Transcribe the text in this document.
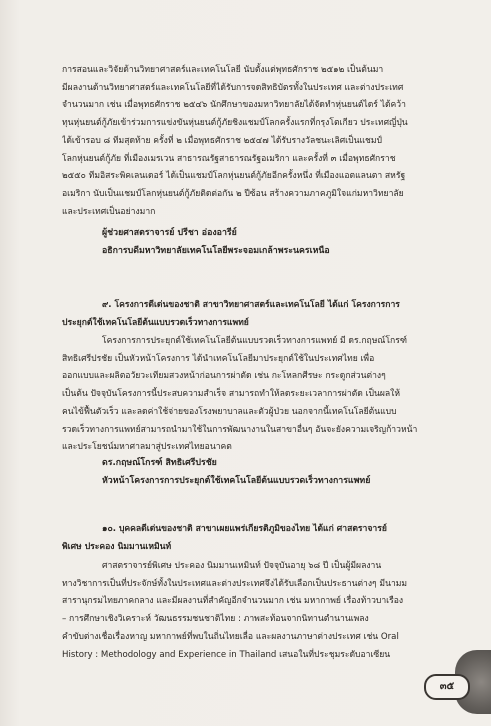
การสอนและวิจัยด้านวิทยาศาสตร์และเทคโนโลยี นับตั้งแต่พุทธศักราช ๒๕๑๒ เป็นต้นมา
มีผลงานด้านวิทยาศาสตร์และเทคโนโลยีที่ได้รับการจดสิทธิบัตรทั้งในประเทศ และต่างประเทศ
จำนวนมาก เช่น เมื่อพุทธศักราช ๒๕๔๖ นักศึกษาของมหาวิทยาลัยได้จัดทำหุ่นยนต์ไดร์ ได้คว้า
ทุนหุ่นยนต์กู้ภัยเข้าร่วมการแข่งขันหุ่นยนต์กู้ภัยชิงแชมป์โลกครั้งแรกที่กรุงโตเกียว ประเทศญี่ปุ่น
ได้เข้ารอบ ๘ ทีมสุดท้าย ครั้งที่ ๒ เมื่อพุทธศักราช ๒๕๔๗ ได้รับรางวัลชนะเลิศเป็นแชมป์
โลกหุ่นยนต์กู้ภัย ที่เมืองเมรเวน สาธารณรัฐสาธารณรัฐอเมริกา และครั้งที่ ๓ เมื่อพุทธศักราช
๒๕๕๐ ทีมอิสระพิคเลนเดอร์ ได้เป็นแชมป์โลกหุ่นยนต์กู้ภัยอีกครั้งหนึ่ง ที่เมืองแอตแลนตา สหรัฐ
อเมริกา นับเป็นแชมป์โลกหุ่นยนต์กู้ภัยติดต่อกัน ๒ ปีซ้อน สร้างความภาคภูมิใจแก่มหาวิทยาลัย
และประเทศเป็นอย่างมาก
ผู้ช่วยศาสตราจารย์ ปรีชา อ่องอารีย์
อธิการบดีมหาวิทยาลัยเทคโนโลยีพระจอมเกล้าพระนครเหนือ
๙. โครงการดีเด่นของชาติ สาขาวิทยาศาสตร์และเทคโนโลยี ได้แก่ โครงการการ
ประยุกต์ใช้เทคโนโลยีต้นแบบรวดเร็วทางการแพทย์
โครงการการประยุกต์ใช้เทคโนโลยีต้นแบบรวดเร็วทางการแพทย์ มี ดร.กฤษณ์โกรฑ์
สิทธิเศรีปรชัย เป็นหัวหน้าโครงการ ได้นำเทคโนโลยีมาประยุกต์ใช้ในประเทศไทย เพื่อ
ออกแบบและผลิตอวัยวะเทียมสวงหน้าก่อนการผ่าตัด เช่น กะโหลกศีรษะ กระดูกส่วนต่างๆ
เป็นต้น ปัจจุบันโครงการนี้ประสบความสำเร็จ สามารถทำให้ลดระยะเวลาการผ่าตัด เป็นผลให้
คนไข้ฟื้นตัวเร็ว และลดค่าใช้จ่ายของโรงพยาบาลและตัวผู้ป่วย นอกจากนี้เทคโนโลยีต้นแบบ
รวดเร็วทางการแพทย์สามารถนำมาใช้ในการพัฒนางานในสาขาอื่นๆ อันจะยังความเจริญก้าวหน้า
และประโยชน์มหาศาลมาสู่ประเทศไทยอนาคต
ดร.กฤษณ์โกรฑ์ สิทธิเศรีปรชัย
หัวหน้าโครงการการประยุกต์ใช้เทคโนโลยีต้นแบบรวดเร็วทางการแพทย์
๑๐. บุคคลดีเด่นของชาติ สาขาเผยแพร่เกียรติภูมิของไทย ได้แก่ ศาสตราจารย์
พิเศษ ประคอง นิมมานเหมินท์
ศาสตราจารย์พิเศษ ประคอง นิมมานเหมินท์ ปัจจุบันอายุ ๖๘ ปี เป็นผู้มีผลงาน
ทางวิชาการเป็นที่ประจักษ์ทั้งในประเทศและต่างประเทศจึงได้รับเลือกเป็นประธานต่างๆ มีนามม
สารานุกรมไทยภาคกลาง และมีผลงานที่สำคัญอีกจำนวนมาก เช่น มหากาพย์ เรื่องท้าวบาเรือง
– การศึกษาเชิงวิเคราะห์ วัฒนธรรมชนชาติไทย : ภาพสะท้อนจากนิทานตำนานเพลง
คำขับต่างเชื่อเรื่องหาญ มหากาพย์ที่พบในถิ่นไทยเลื่อ และผลงานภาษาต่างประเทศ เช่น Oral
History : Methodology and Experience in Thailand เสนอในที่ประชุมระดับอาเซียน
๓๕
